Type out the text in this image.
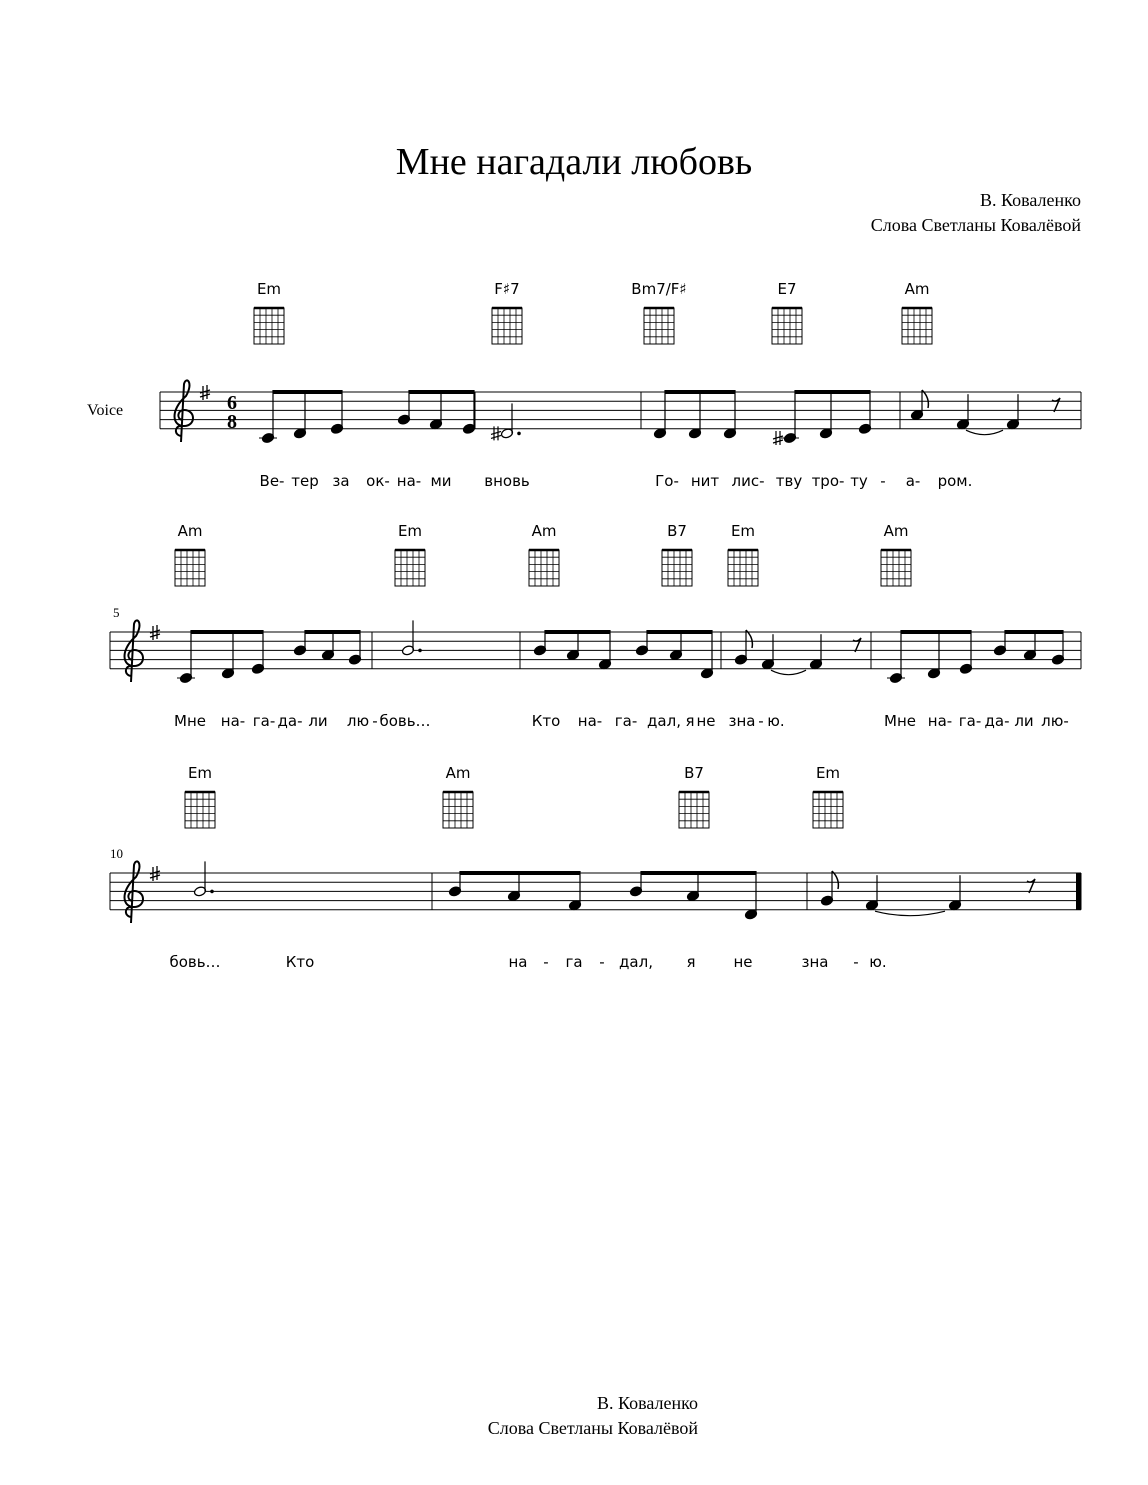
Мне нагадали любовь
В. Коваленко
Слова Светланы Ковалёвой
Voice
5
10
6
8
Em	F♯7	Bm7/F♯	E7	Am
Ве- тер за ок- на- ми вновь	Го- нит лис- тву тро- ту - а- ром.
Am	Em	Am	B7	Em	Am
Мне на- га- да- ли лю - бовь…	Кто на- га- дал, я не зна - ю.	Мне на- га- да- ли лю-
Em	Am	B7	Em
бовь…	Кто	на - га - дал, я	не	зна - ю.
В. Коваленко
Слова Светланы Ковалёвой
